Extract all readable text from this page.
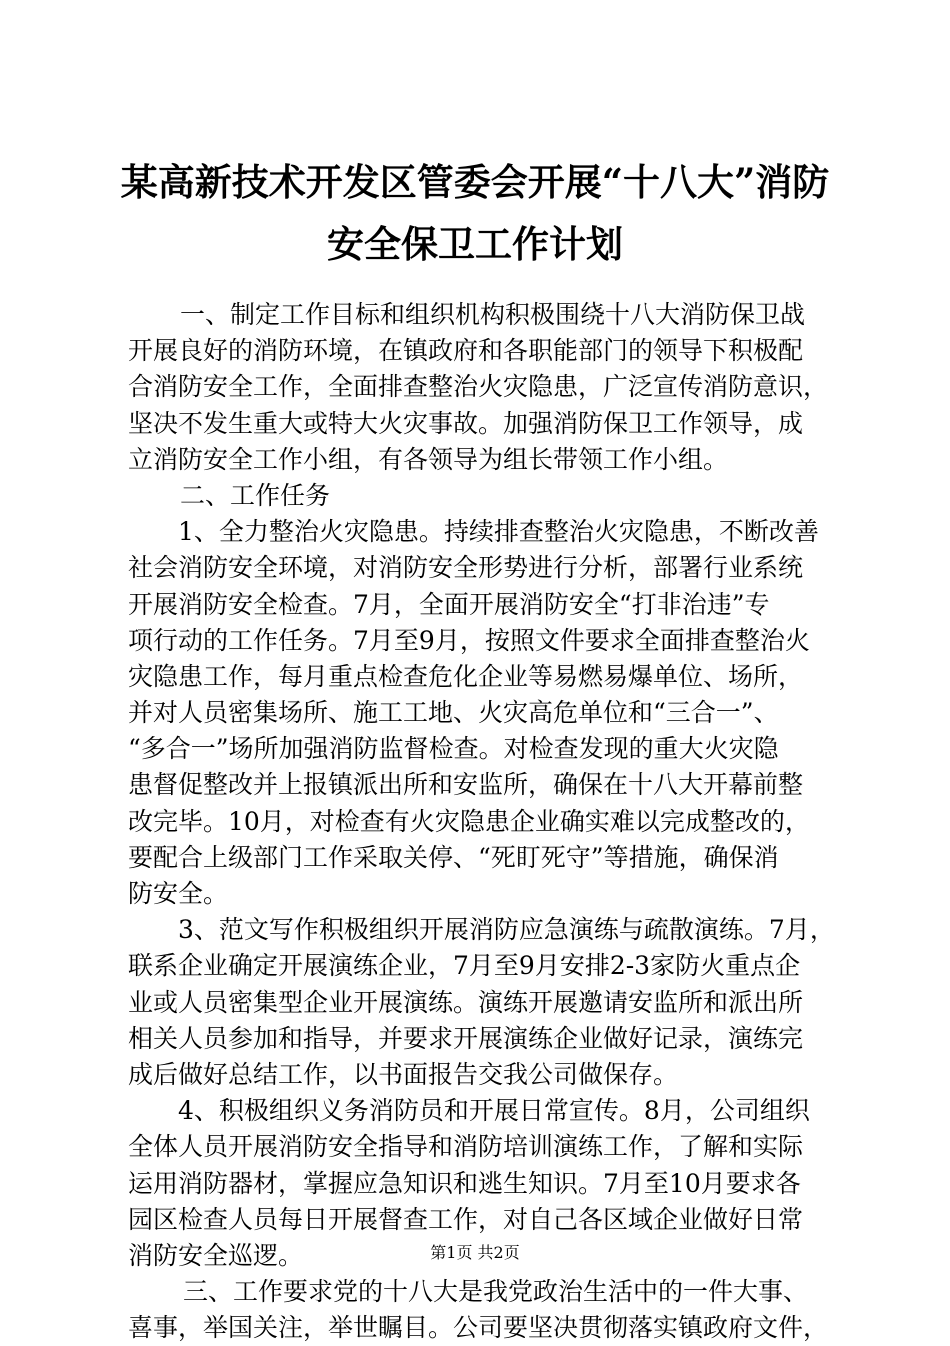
某高新技术开发区管委会开展“十八大”消防
安全保卫工作计划
一、制定工作目标和组织机构积极围绕十八大消防保卫战
开展良好的消防环境，在镇政府和各职能部门的领导下积极配
合消防安全工作，全面排查整治火灾隐患，广泛宣传消防意识，
坚决不发生重大或特大火灾事故。加强消防保卫工作领导，成
立消防安全工作小组，有各领导为组长带领工作小组。
二、工作任务
1、全力整治火灾隐患。持续排查整治火灾隐患，不断改善
社会消防安全环境，对消防安全形势进行分析，部署行业系统
开展消防安全检查。7月，全面开展消防安全“打非治违”专
项行动的工作任务。7月至9月，按照文件要求全面排查整治火
灾隐患工作，每月重点检查危化企业等易燃易爆单位、场所，
并对人员密集场所、施工工地、火灾高危单位和“三合一”、
“多合一”场所加强消防监督检查。对检查发现的重大火灾隐
患督促整改并上报镇派出所和安监所，确保在十八大开幕前整
改完毕。10月，对检查有火灾隐患企业确实难以完成整改的，
要配合上级部门工作采取关停、“死盯死守”等措施，确保消
防安全。
3、范文写作积极组织开展消防应急演练与疏散演练。7月，
联系企业确定开展演练企业，7月至9月安排2-3家防火重点企
业或人员密集型企业开展演练。演练开展邀请安监所和派出所
相关人员参加和指导，并要求开展演练企业做好记录，演练完
成后做好总结工作，以书面报告交我公司做保存。
4、积极组织义务消防员和开展日常宣传。8月，公司组织
全体人员开展消防安全指导和消防培训演练工作，了解和实际
运用消防器材，掌握应急知识和逃生知识。7月至10月要求各
园区检查人员每日开展督查工作，对自己各区域企业做好日常
消防安全巡逻。
三、工作要求党的十八大是我党政治生活中的一件大事、
喜事，举国关注，举世瞩目。公司要坚决贯彻落实镇政府文件，
第1页 共2页
